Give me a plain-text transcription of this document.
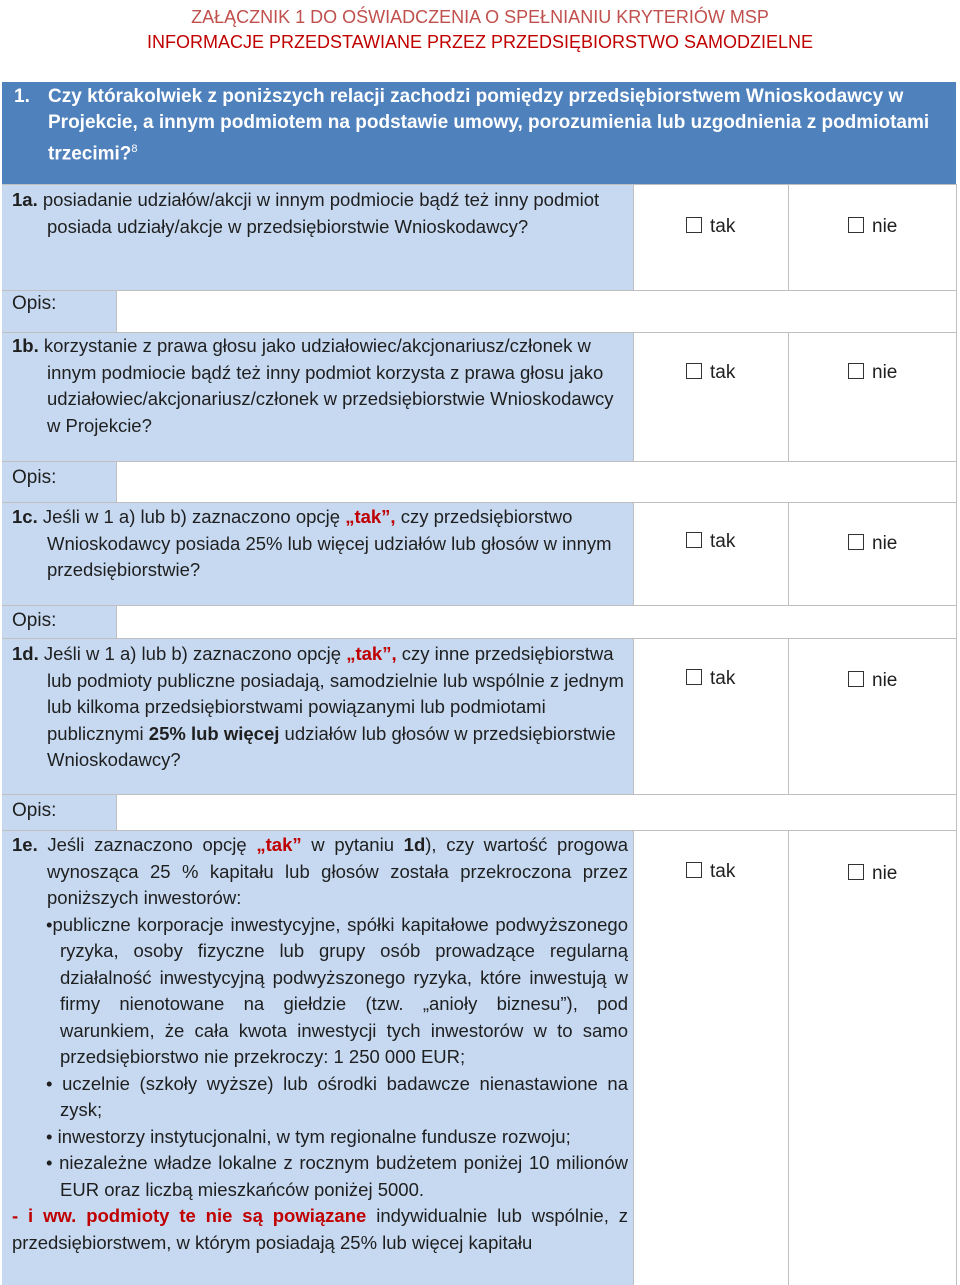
ZAŁĄCZNIK 1 DO OŚWIADCZENIA O SPEŁNIANIU KRYTERIÓW MSP
INFORMACJE PRZEDSTAWIANE PRZEZ PRZEDSIĘBIORSTWO SAMODZIELNE
1. Czy którakolwiek z poniższych relacji zachodzi pomiędzy przedsiębiorstwem Wnioskodawcy w Projekcie, a innym podmiotem na podstawie umowy, porozumienia lub uzgodnienia z podmiotami trzecimi?$^8$
1a. posiadanie udziałów/akcji w innym podmiocie bądź też inny podmiot posiada udziały/akcje w przedsiębiorstwie Wnioskodawcy?	tak	nie
Opis:
1b. korzystanie z prawa głosu jako udziałowiec/akcjonariusz/członek w innym podmiocie bądź też inny podmiot korzysta z prawa głosu jako udziałowiec/akcjonariusz/członek w przedsiębiorstwie Wnioskodawcy w Projekcie?
tak	nie
Opis:
1c. Jeśli w 1 a) lub b) zaznaczono opcję „tak”, czy przedsiębiorstwo Wnioskodawcy posiada 25% lub więcej udziałów lub głosów w innym przedsiębiorstwie?
tak	nie
Opis:
1d. Jeśli w 1 a) lub b) zaznaczono opcję „tak”, czy inne przedsiębiorstwa lub podmioty publiczne posiadają, samodzielnie lub wspólnie z jednym lub kilkoma przedsiębiorstwami powiązanymi lub podmiotami publicznymi 25% lub więcej udziałów lub głosów w przedsiębiorstwie Wnioskodawcy?
tak	nie
Opis:
1e. Jeśli zaznaczono opcję „tak” w pytaniu 1d), czy wartość progowa wynosząca 25 % kapitału lub głosów została przekroczona przez poniższych inwestorów:
•publiczne korporacje inwestycyjne, spółki kapitałowe podwyższonego ryzyka, osoby fizyczne lub grupy osób prowadzące regularną działalność inwestycyjną podwyższonego ryzyka, które inwestują w firmy nienotowane na giełdzie (tzw. „anioły biznesu”), pod warunkiem, że cała kwota inwestycji tych inwestorów w to samo przedsiębiorstwo nie przekroczy: 1 250 000 EUR;
• uczelnie (szkoły wyższe) lub ośrodki badawcze nienastawione na zysk;
• inwestorzy instytucjonalni, w tym regionalne fundusze rozwoju;
• niezależne władze lokalne z rocznym budżetem poniżej 10 milionów EUR oraz liczbą mieszkańców poniżej 5000.
- i ww. podmioty te nie są powiązane indywidualnie lub wspólnie, z przedsiębiorstwem, w którym posiadają 25% lub więcej kapitału
tak	nie
